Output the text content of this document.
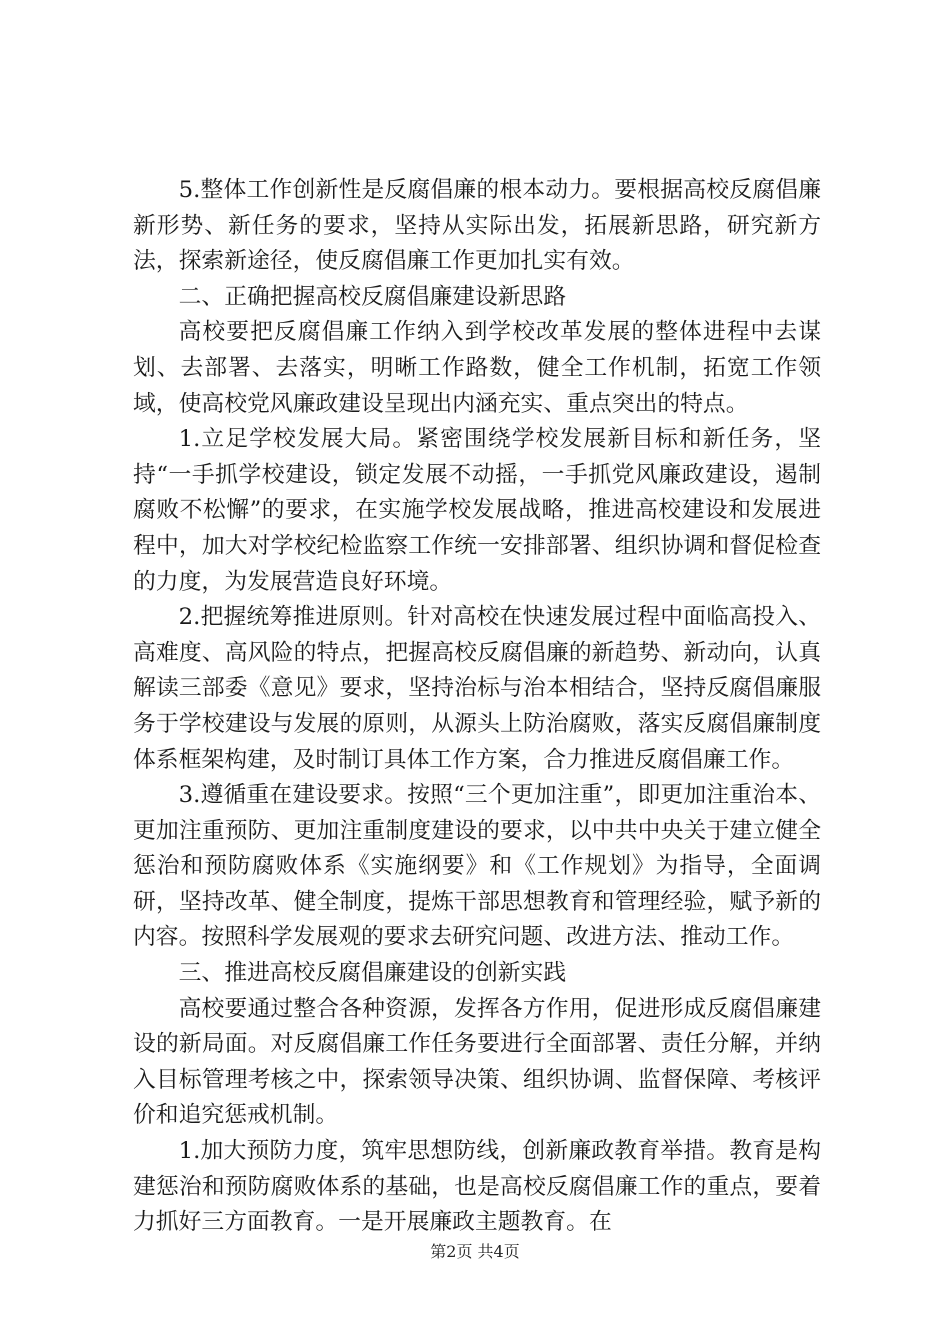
5.整体工作创新性是反腐倡廉的根本动力。要根据高校反腐倡廉新形势、新任务的要求，坚持从实际出发，拓展新思路，研究新方法，探索新途径，使反腐倡廉工作更加扎实有效。

二、正确把握高校反腐倡廉建设新思路

高校要把反腐倡廉工作纳入到学校改革发展的整体进程中去谋划、去部署、去落实，明晰工作路数，健全工作机制，拓宽工作领域，使高校党风廉政建设呈现出内涵充实、重点突出的特点。

1.立足学校发展大局。紧密围绕学校发展新目标和新任务，坚持“一手抓学校建设，锁定发展不动摇，一手抓党风廉政建设，遏制腐败不松懈”的要求，在实施学校发展战略，推进高校建设和发展进程中，加大对学校纪检监察工作统一安排部署、组织协调和督促检查的力度，为发展营造良好环境。

2.把握统筹推进原则。针对高校在快速发展过程中面临高投入、高难度、高风险的特点，把握高校反腐倡廉的新趋势、新动向，认真解读三部委《意见》要求，坚持治标与治本相结合，坚持反腐倡廉服务于学校建设与发展的原则，从源头上防治腐败，落实反腐倡廉制度体系框架构建，及时制订具体工作方案，合力推进反腐倡廉工作。

3.遵循重在建设要求。按照“三个更加注重”，即更加注重治本、更加注重预防、更加注重制度建设的要求，以中共中央关于建立健全惩治和预防腐败体系《实施纲要》和《工作规划》为指导，全面调研，坚持改革、健全制度，提炼干部思想教育和管理经验，赋予新的内容。按照科学发展观的要求去研究问题、改进方法、推动工作。

三、推进高校反腐倡廉建设的创新实践

高校要通过整合各种资源，发挥各方作用，促进形成反腐倡廉建设的新局面。对反腐倡廉工作任务要进行全面部署、责任分解，并纳入目标管理考核之中，探索领导决策、组织协调、监督保障、考核评价和追究惩戒机制。

1.加大预防力度，筑牢思想防线，创新廉政教育举措。教育是构建惩治和预防腐败体系的基础，也是高校反腐倡廉工作的重点，要着力抓好三方面教育。一是开展廉政主题教育。在

第2页 共4页
